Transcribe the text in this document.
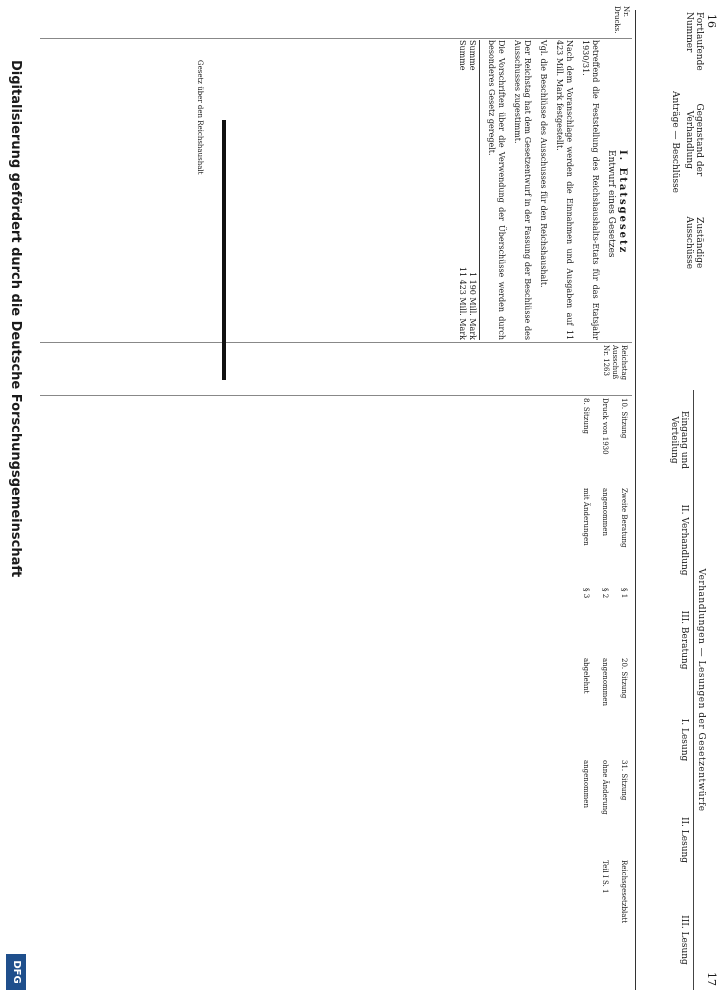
16
17
Fortlaufende Nummer Gegenstand der Verhandlung Zuständige Ausschüsse
Anträge — Beschlüsse
Verhandlungen — Lesungen der Gesetzentwürfe
Eingang und Verteilung
II. Verhandlung
III. Beratung
I. Lesung
II. Lesung
III. Lesung
Nr.
Drucks.
I. Etatsgesetz
Entwurf eines Gesetzes

betreffend die Feststellung des Reichshaushalts-Etats für das Etatsjahr 1930/31.

Nach dem Voranschlage werden die Einnahmen und Ausgaben auf 11 423 Mill. Mark festgestellt.

Vgl. die Beschlüsse des Ausschusses für den Reichshaushalt.

Der Reichstag hat dem Gesetzentwurf in der Fassung der Beschlüsse des Ausschusses zugestimmt.

Die Vorschriften über die Verwendung der Überschüsse werden durch besonderes Gesetz geregelt.

Summe
1 190 Mill. Mark
Summe
11 423 Mill. Mark
Reichstag
Ausschuß
Nr. 1263
10. Sitzung
Druck von 1930
8. Sitzung
Zweite Beratung
angenommen
mit Änderungen
§ 1
§ 2
§ 3
20. Sitzung
angenommen
abgelehnt
31. Sitzung
ohne Änderung
angenommen
Reichsgesetzblatt
Teil I S. 1
Gesetz über den Reichshaushalt
Digitalisierung gefördert durch die Deutsche Forschungsgemeinschaft
DFG
